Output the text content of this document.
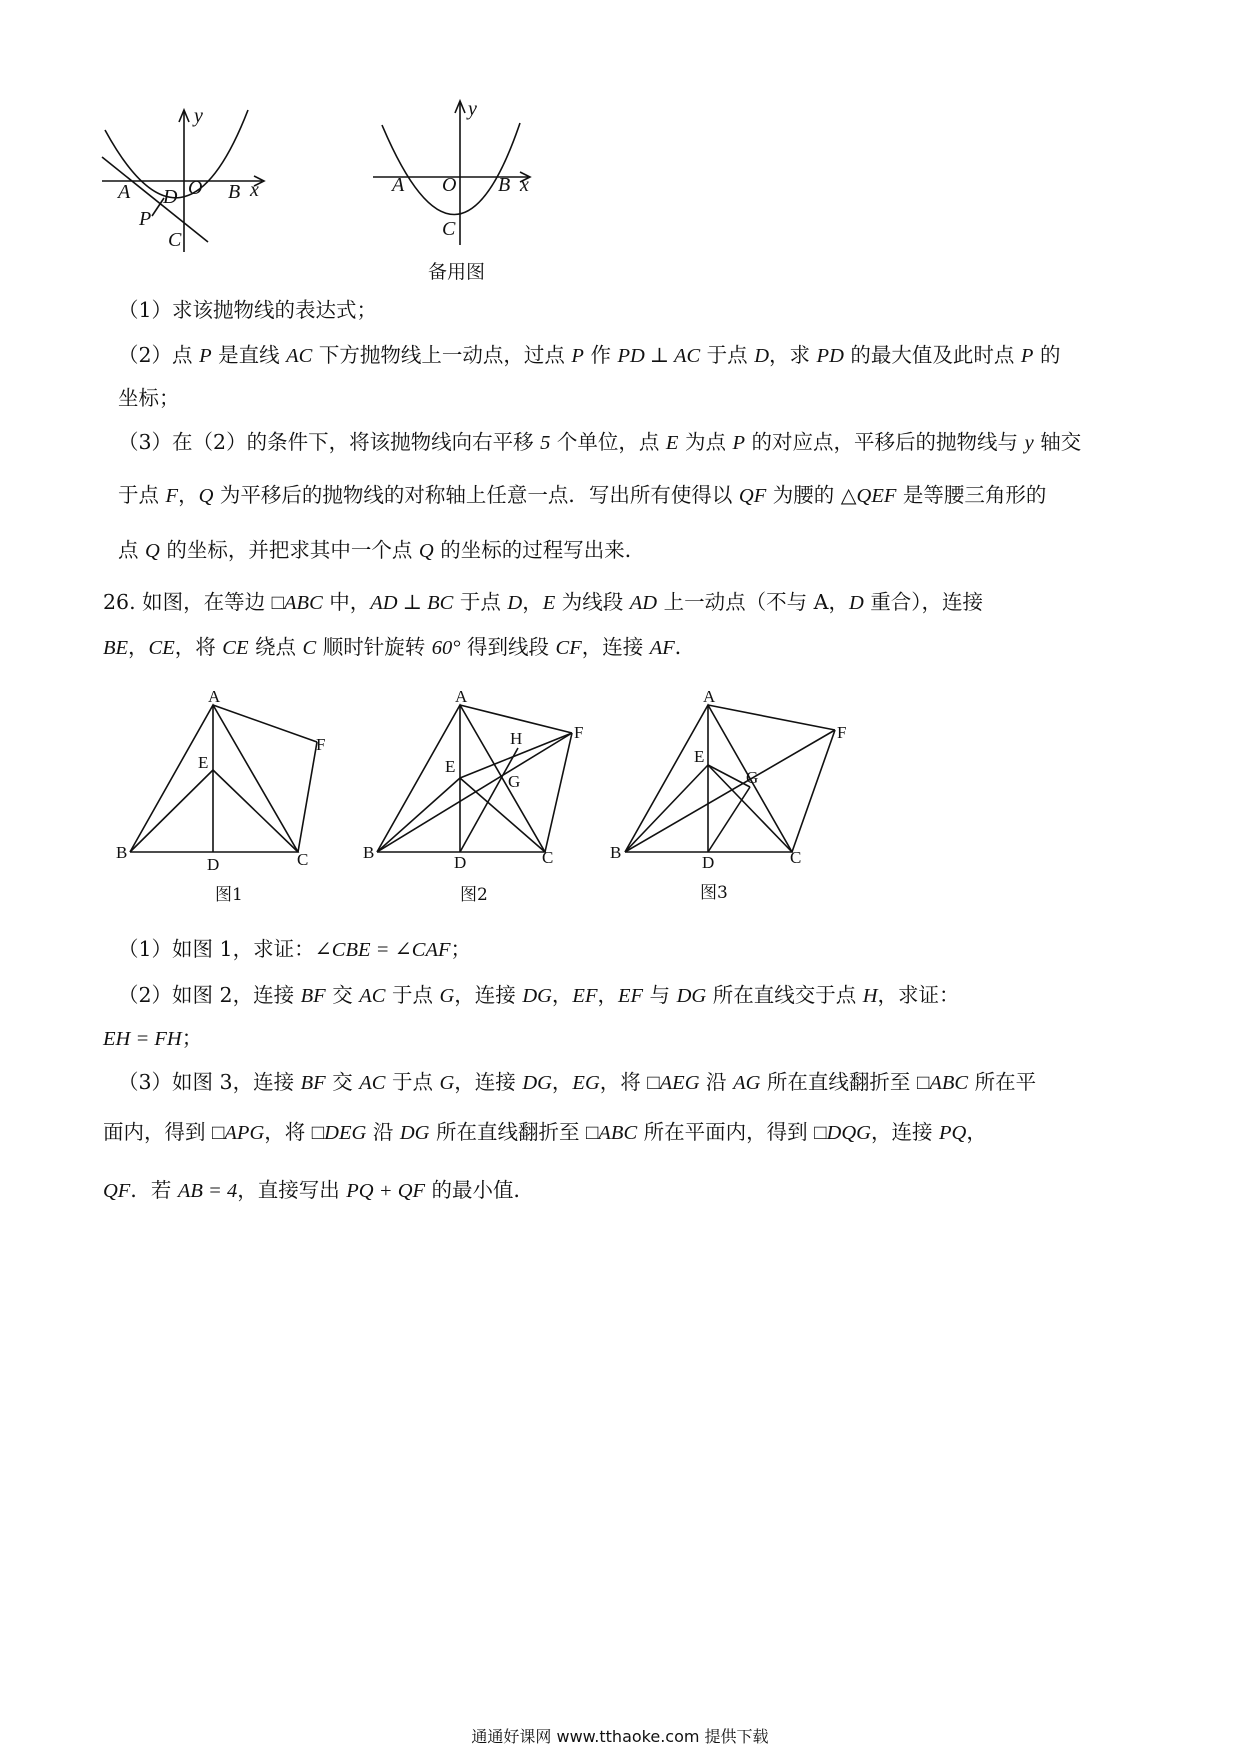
y
x
A	O B
D
P
C
y
x
A O B
C
备用图
（1）求该抛物线的表达式；
（2）点 P 是直线 AC 下方抛物线上一动点，过点 P 作 PD ⊥ AC 于点 D，求 PD 的最大值及此时点 P 的
坐标；
（3）在（2）的条件下，将该抛物线向右平移 5 个单位，点 E 为点 P 的对应点，平移后的抛物线与 y 轴交
于点 F，Q 为平移后的抛物线的对称轴上任意一点．写出所有使得以 QF 为腰的 △QEF 是等腰三角形的
点 Q 的坐标，并把求其中一个点 Q 的坐标的过程写出来．
26. 如图，在等边 □ABC 中，AD ⊥ BC 于点 D，E 为线段 AD 上一动点（不与 A，D 重合），连接
BE，CE，将 CE 绕点 C 顺时针旋转 60° 得到线段 CF，连接 AF．
A
F
E
B
D	C
图1
A
F
H
E
G
B
D	C
图2
A
F
E
G
B
D	C
图3
（1）如图 1，求证：∠CBE = ∠CAF；
（2）如图 2，连接 BF 交 AC 于点 G，连接 DG，EF，EF 与 DG 所在直线交于点 H，求证：
EH = FH；
（3）如图 3，连接 BF 交 AC 于点 G，连接 DG，EG，将 □AEG 沿 AG 所在直线翻折至 □ABC 所在平
面内，得到 □APG，将 □DEG 沿 DG 所在直线翻折至 □ABC 所在平面内，得到 □DQG，连接 PQ，
QF．若 AB = 4，直接写出 PQ + QF 的最小值．
通通好课网 www.tthaoke.com 提供下载
